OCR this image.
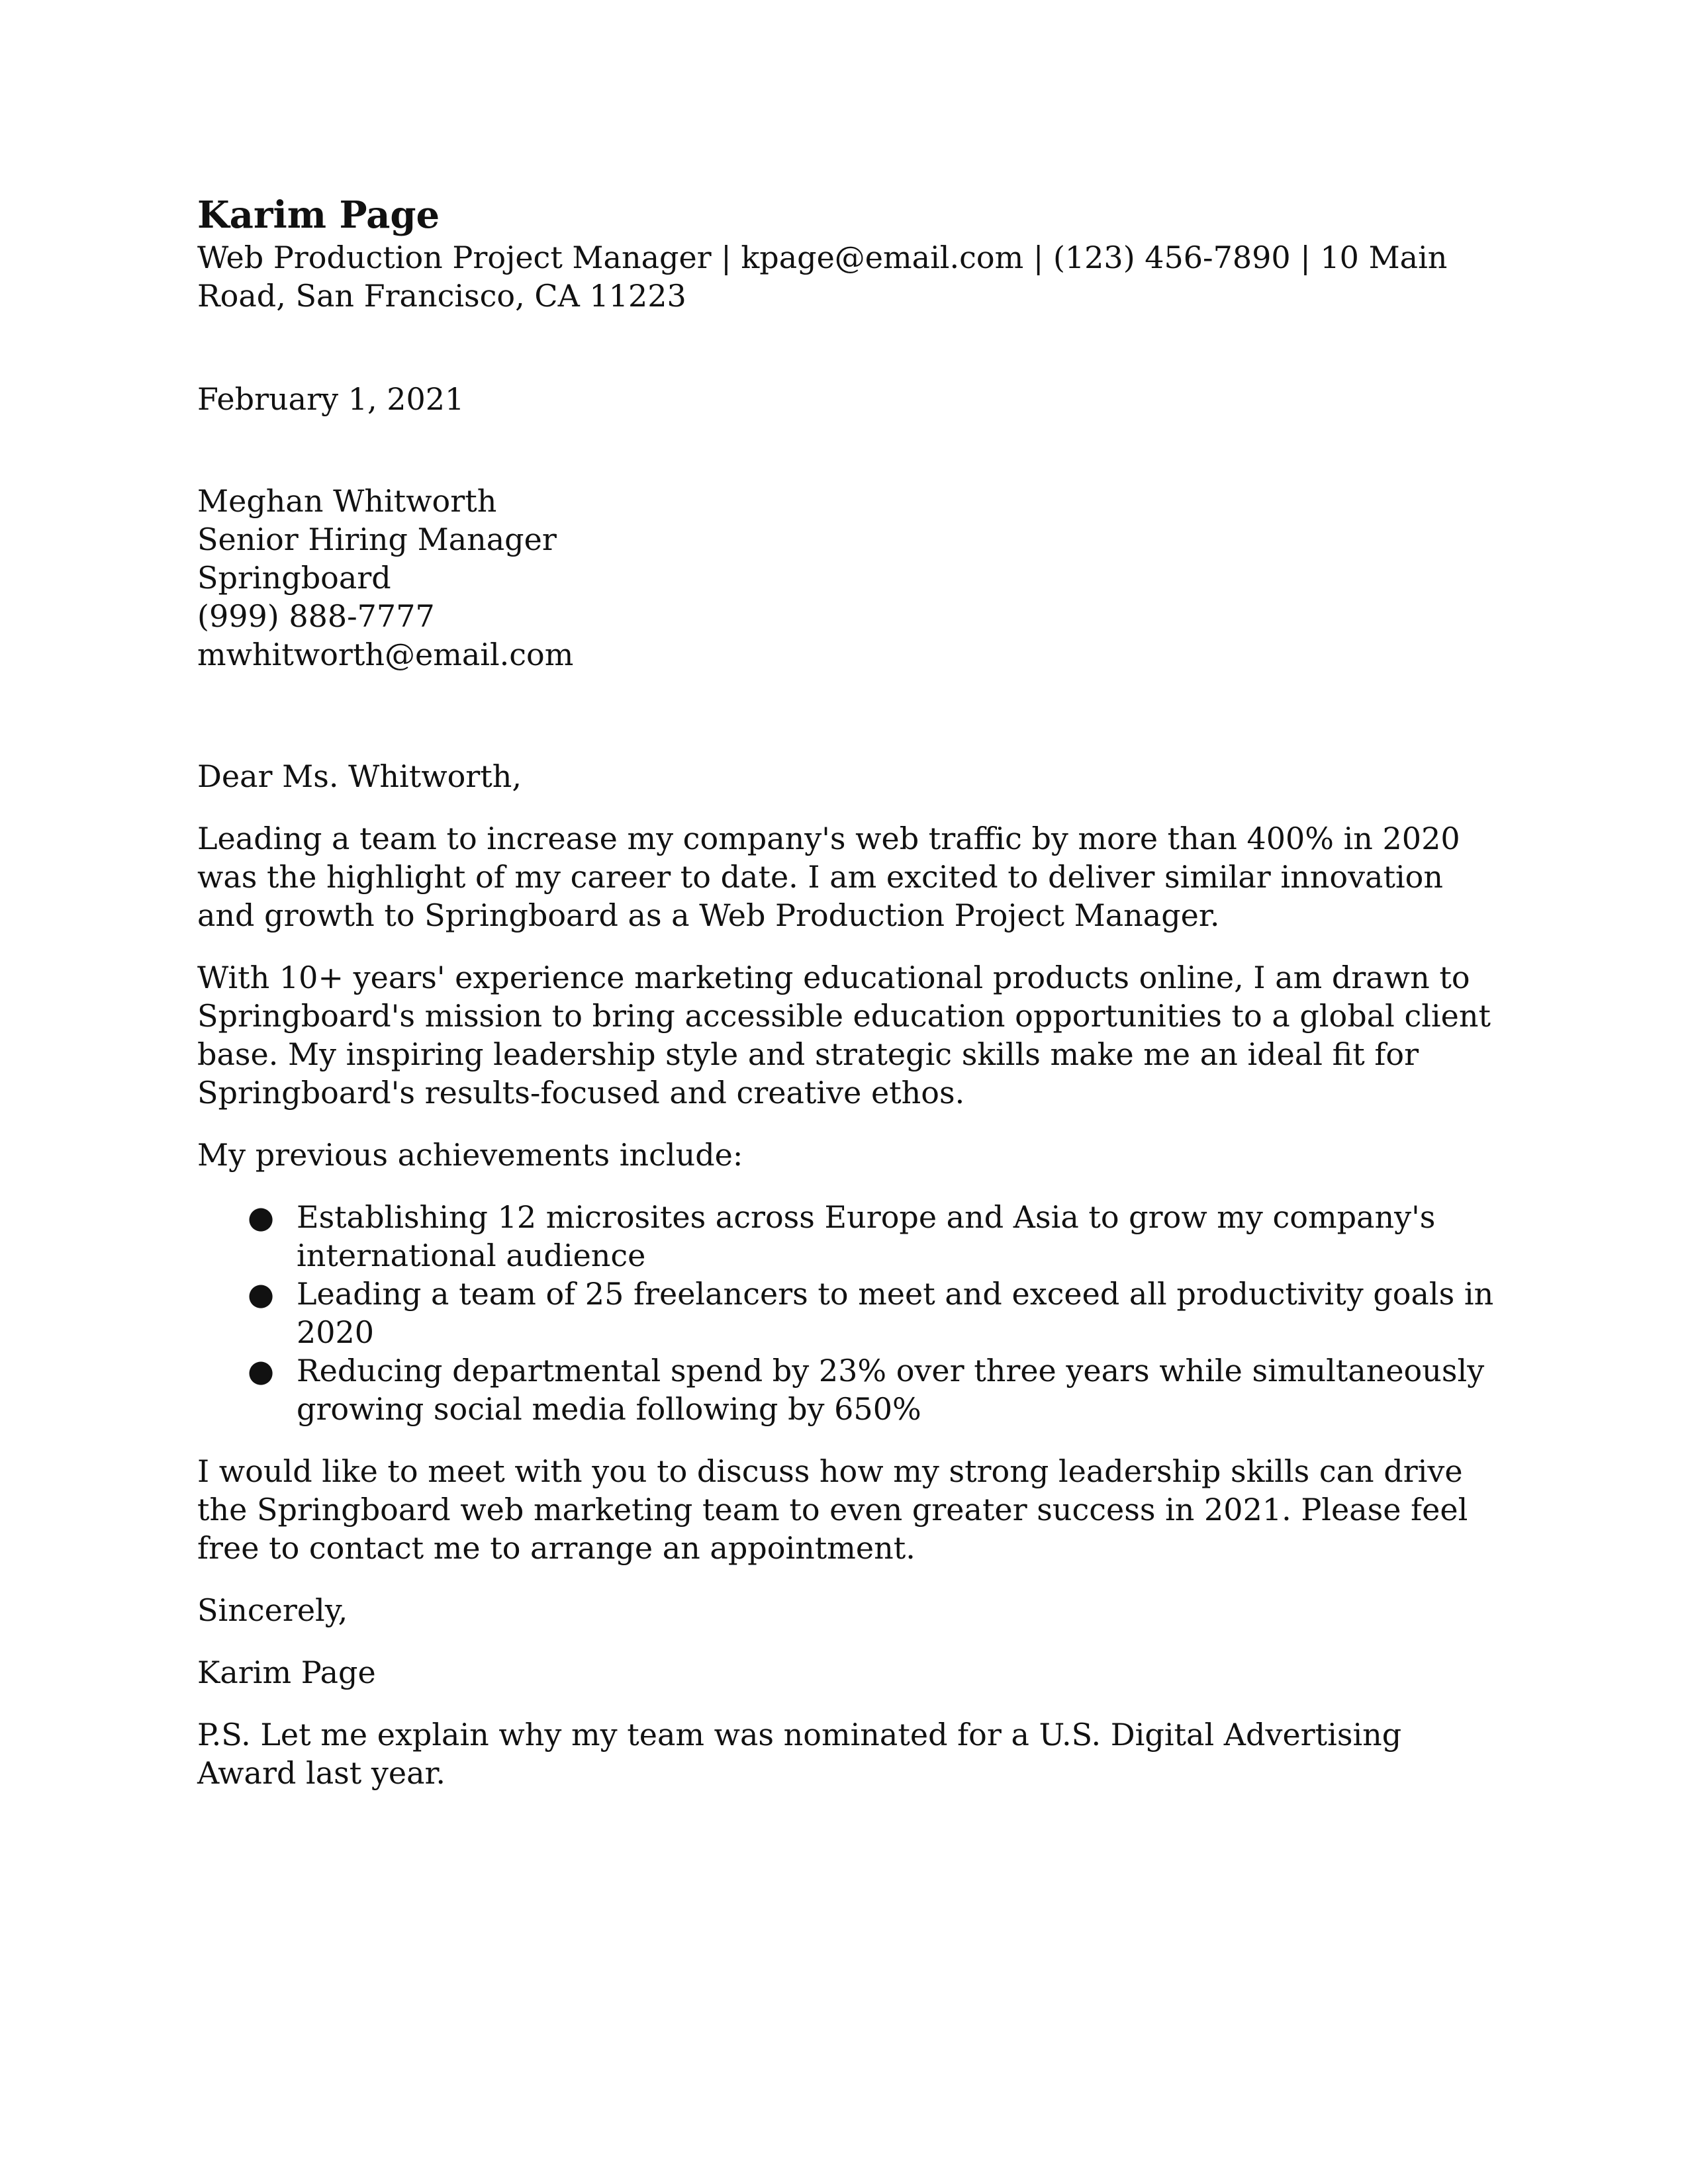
Karim Page

Web Production Project Manager | kpage@email.com | (123) 456-7890 | 10 Main Road, San Francisco, CA 11223

February 1, 2021

Meghan Whitworth
Senior Hiring Manager
Springboard
(999) 888-7777
mwhitworth@email.com

Dear Ms. Whitworth,

Leading a team to increase my company's web traffic by more than 400% in 2020 was the highlight of my career to date. I am excited to deliver similar innovation and growth to Springboard as a Web Production Project Manager.

With 10+ years' experience marketing educational products online, I am drawn to Springboard's mission to bring accessible education opportunities to a global client base. My inspiring leadership style and strategic skills make me an ideal fit for Springboard's results-focused and creative ethos.

My previous achievements include:

● Establishing 12 microsites across Europe and Asia to grow my company's international audience
● Leading a team of 25 freelancers to meet and exceed all productivity goals in 2020
● Reducing departmental spend by 23% over three years while simultaneously growing social media following by 650%

I would like to meet with you to discuss how my strong leadership skills can drive the Springboard web marketing team to even greater success in 2021. Please feel free to contact me to arrange an appointment.

Sincerely,

Karim Page

P.S. Let me explain why my team was nominated for a U.S. Digital Advertising Award last year.
